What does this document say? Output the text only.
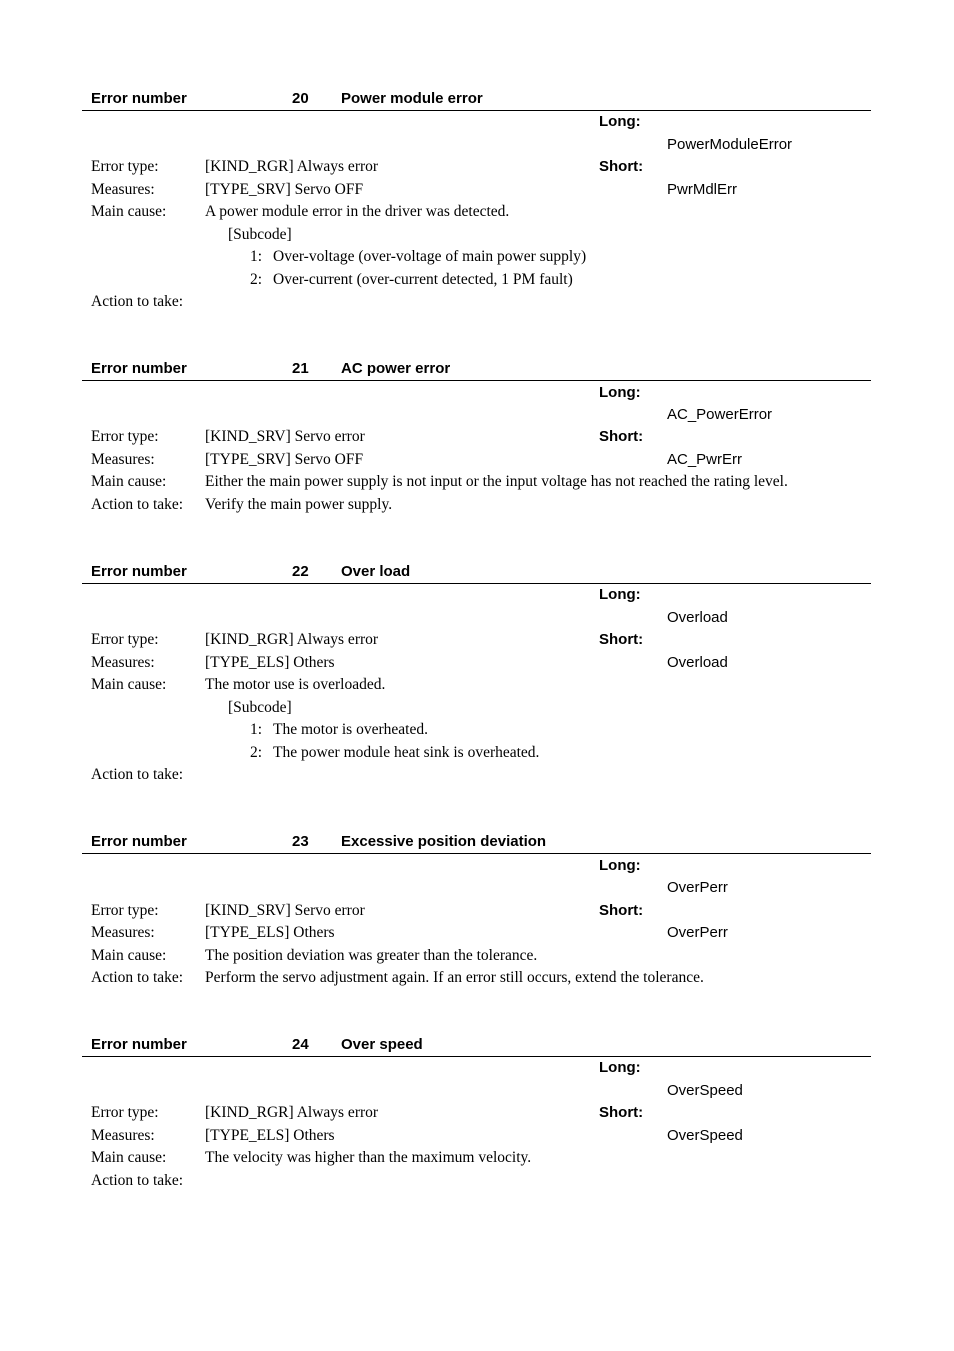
Error number	20 Power module error
Long:
PowerModuleError
Error type:	[KIND_RGR] Always error	Short:
Measures:	[TYPE_SRV] Servo OFF	PwrMdlErr
Main cause: A power module error in the driver was detected.
[Subcode]
1: Over-voltage (over-voltage of main power supply)
2: Over-current (over-current detected, 1 PM fault)
Action to take:
Error number	21 AC power error
Long:
AC_PowerError
Error type:	[KIND_SRV] Servo error	Short:
Measures:	[TYPE_SRV] Servo OFF	AC_PwrErr
Main cause: Either the main power supply is not input or the input voltage has not reached the rating level.
Action to take: Verify the main power supply.
Error number	22 Over load
Long:
Overload
Error type:	[KIND_RGR] Always error	Short:
Measures:	[TYPE_ELS] Others	Overload
Main cause: The motor use is overloaded.
[Subcode]
1: The motor is overheated.
2: The power module heat sink is overheated.
Action to take:
Error number	23 Excessive position deviation
Long:
OverPerr
Error type:	[KIND_SRV] Servo error	Short:
Measures:	[TYPE_ELS] Others	OverPerr
Main cause: The position deviation was greater than the tolerance.
Action to take: Perform the servo adjustment again. If an error still occurs, extend the tolerance.
Error number	24 Over speed
Long:
OverSpeed
Error type:	[KIND_RGR] Always error	Short:
Measures:	[TYPE_ELS] Others	OverSpeed
Main cause: The velocity was higher than the maximum velocity.
Action to take:
